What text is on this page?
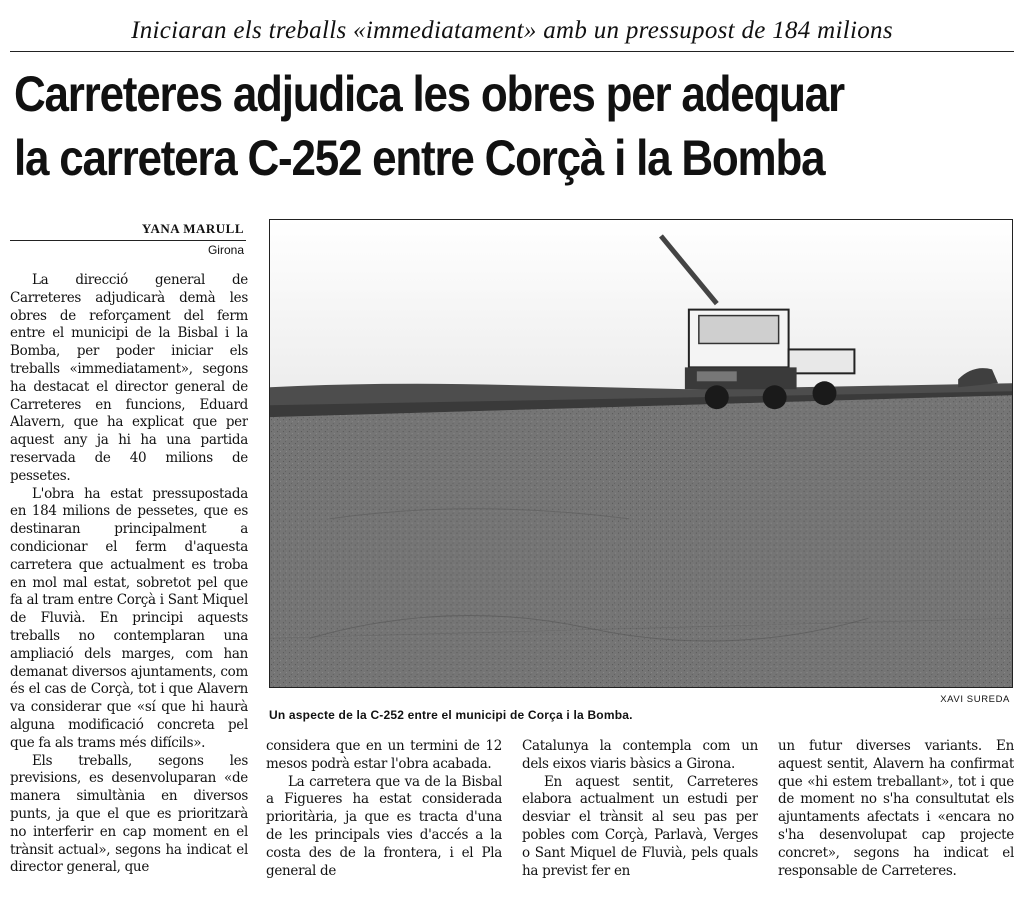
Iniciaran els treballs «immediatament» amb un pressupost de 184 milions
Carreteres adjudica les obres per adequar
la carretera C-252 entre Corçà i la Bomba
YANA MARULL
Girona

La direcció general de Carreteres adjudicarà demà les obres de reforçament del ferm entre el municipi de la Bisbal i la Bomba, per poder iniciar els treballs «immediatament», segons ha destacat el director general de Carreteres en funcions, Eduard Alavern, que ha explicat que per aquest any ja hi ha una partida reservada de 40 milions de pessetes.

L'obra ha estat pressupostada en 184 milions de pessetes, que es destinaran principalment a condicionar el ferm d'aquesta carretera que actualment es troba en mol mal estat, sobretot pel que fa al tram entre Corçà i Sant Miquel de Fluvià. En principi aquests treballs no contemplaran una ampliació dels marges, com han demanat diversos ajuntaments, com és el cas de Corçà, tot i que Alavern va considerar que «sí que hi haurà alguna modificació concreta pel que fa als trams més difícils».

Els treballs, segons les previsions, es desenvoluparan «de manera simultània en diversos punts, ja que el que es prioritzarà no interferir en cap moment en el trànsit actual», segons ha indicat el director general, que

XAVI SUREDA
Un aspecte de la C-252 entre el municipi de Corça i la Bomba.

considera que en un termini de 12 mesos podrà estar l'obra acabada.

La carretera que va de la Bisbal a Figueres ha estat considerada prioritària, ja que es tracta d'una de les principals vies d'accés a la costa des de la frontera, i el Pla general de

Catalunya la contempla com un dels eixos viaris bàsics a Girona.

En aquest sentit, Carreteres elabora actualment un estudi per desviar el trànsit al seu pas per pobles com Corçà, Parlavà, Verges o Sant Miquel de Fluvià, pels quals ha previst fer en

un futur diverses variants. En aquest sentit, Alavern ha confirmat que «hi estem treballant», tot i que de moment no s'ha consultutat els ajuntaments afectats i «encara no s'ha desenvolupat cap projecte concret», segons ha indicat el responsable de Carreteres.
